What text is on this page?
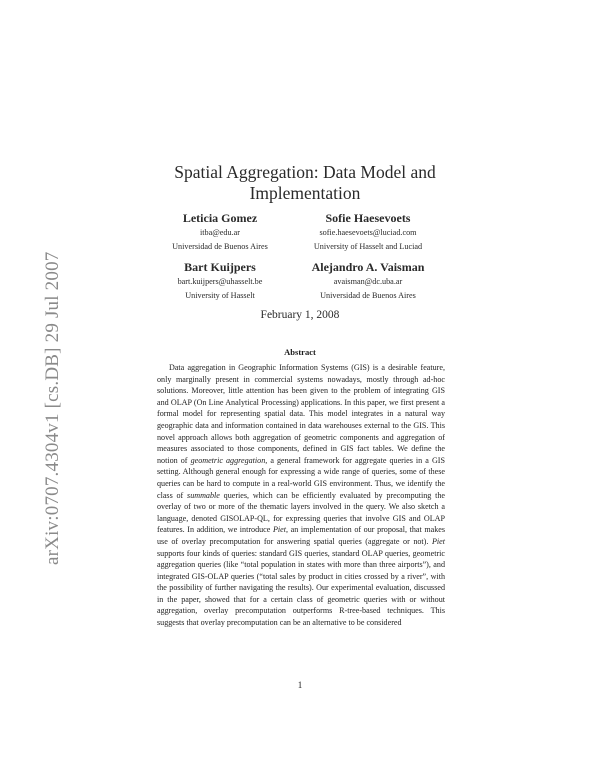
arXiv:0707.4304v1 [cs.DB] 29 Jul 2007
Spatial Aggregation: Data Model and
Implementation
Leticia Gomez
itba@edu.ar
Universidad de Buenos Aires
Sofie Haesevoets
sofie.haesevoets@luciad.com
University of Hasselt and Luciad
Bart Kuijpers
bart.kuijpers@uhasselt.be
University of Hasselt
Alejandro A. Vaisman
avaisman@dc.uba.ar
Universidad de Buenos Aires
February 1, 2008
Abstract

Data aggregation in Geographic Information Systems (GIS) is a desirable feature, only marginally present in commercial systems nowadays, mostly through ad-hoc solutions. Moreover, little attention has been given to the problem of integrating GIS and OLAP (On Line Analytical Processing) applications. In this paper, we first present a formal model for representing spatial data. This model integrates in a natural way geographic data and information contained in data warehouses external to the GIS. This novel approach allows both aggregation of geometric components and aggregation of measures associated to those components, defined in GIS fact tables. We define the notion of geometric aggregation, a general framework for aggregate queries in a GIS setting. Although general enough for expressing a wide range of queries, some of these queries can be hard to compute in a real-world GIS environment. Thus, we identify the class of summable queries, which can be efficiently evaluated by precomputing the overlay of two or more of the thematic layers involved in the query. We also sketch a language, denoted GISOLAP-QL, for expressing queries that involve GIS and OLAP features. In addition, we introduce Piet, an implementation of our proposal, that makes use of overlay precomputation for answering spatial queries (aggregate or not). Piet supports four kinds of queries: standard GIS queries, standard OLAP queries, geometric aggregation queries (like “total population in states with more than three airports”), and integrated GIS-OLAP queries (“total sales by product in cities crossed by a river”, with the possibility of further navigating the results). Our experimental evaluation, discussed in the paper, showed that for a certain class of geometric queries with or without aggregation, overlay precomputation outperforms R-tree-based techniques. This suggests that overlay precomputation can be an alternative to be considered

1
